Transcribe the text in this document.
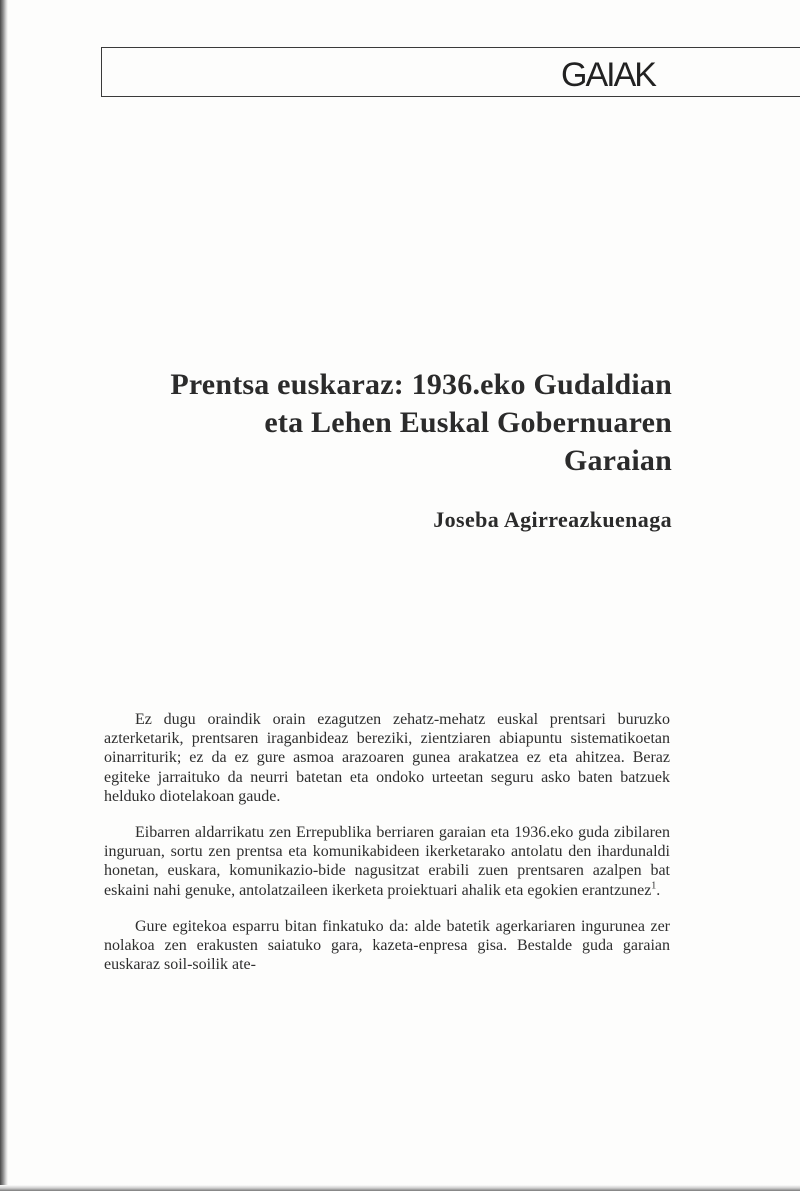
GAIAK
Prentsa euskaraz: 1936.eko Gudaldian
eta Lehen Euskal Gobernuaren
Garaian
Joseba Agirreazkuenaga

Ez dugu oraindik orain ezagutzen zehatz-mehatz euskal prentsari buruzko azterketarik, prentsaren iraganbideaz bereziki, zientziaren abiapuntu sistematikoetan oinarriturik; ez da ez gure asmoa arazoaren gunea arakatzea ez eta ahitzea. Beraz egiteke jarraituko da neurri batetan eta ondoko urteetan seguru asko baten batzuek helduko diotelakoan gaude.

Eibarren aldarrikatu zen Errepublika berriaren garaian eta 1936.eko guda zibilaren inguruan, sortu zen prentsa eta komunikabideen ikerketarako antolatu den ihardunaldi honetan, euskara, komunikazio-bide nagusitzat erabili zuen prentsaren azalpen bat eskaini nahi genuke, antolatzaileen ikerketa proiektuari ahalik eta egokien erantzunez$^1$.

Gure egitekoa esparru bitan finkatuko da: alde batetik agerkariaren ingurunea zer nolakoa zen erakusten saiatuko gara, kazeta-enpresa gisa. Bestalde guda garaian euskaraz soil-soilik ate-
